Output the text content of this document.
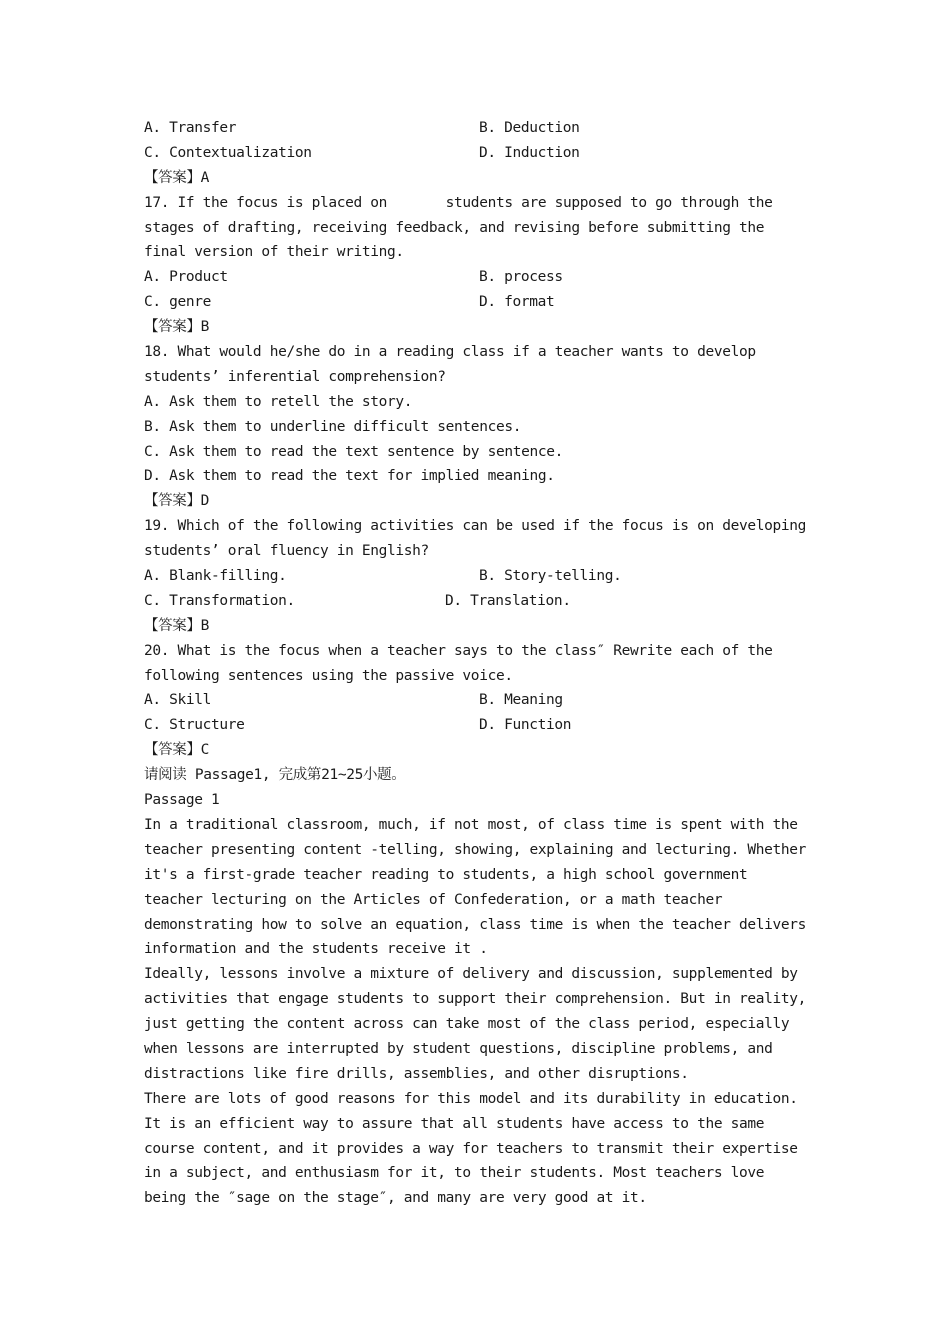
A. Transfer

	B. Deduction

C. Contextualization

	D. Induction

【答案】A
17. If the focus is placed on       students are supposed to go through the
stages of drafting, receiving feedback, and revising before submitting the
final version of their writing.

A. Product

	B. process

C. genre

	D. format

【答案】B
18. What would he/she do in a reading class if a teacher wants to develop
students’ inferential comprehension?
A. Ask them to retell the story.
B. Ask them to underline difficult sentences.
C. Ask them to read the text sentence by sentence.
D. Ask them to read the text for implied meaning.
【答案】D
19. Which of the following activities can be used if the focus is on developing
students’ oral fluency in English?

A. Blank-filling.

	B. Story-telling.

C. Transformation.

	D. Translation.

【答案】B
20. What is the focus when a teacher says to the class″ Rewrite each of the
following sentences using the passive voice.

A. Skill

	B. Meaning

C. Structure

	D. Function

【答案】C
请阅读 Passage1, 完成第21~25小题。
Passage 1
In a traditional classroom, much, if not most, of class time is spent with the
teacher presenting content -telling, showing, explaining and lecturing. Whether
it's a first-grade teacher reading to students, a high school government
teacher lecturing on the Articles of Confederation, or a math teacher
demonstrating how to solve an equation, class time is when the teacher delivers
information and the students receive it .
Ideally, lessons involve a mixture of delivery and discussion, supplemented by
activities that engage students to support their comprehension. But in reality,
just getting the content across can take most of the class period, especially
when lessons are interrupted by student questions, discipline problems, and
distractions like fire drills, assemblies, and other disruptions.
There are lots of good reasons for this model and its durability in education.
It is an efficient way to assure that all students have access to the same
course content, and it provides a way for teachers to transmit their expertise
in a subject, and enthusiasm for it, to their students. Most teachers love
being the ″sage on the stage″, and many are very good at it.
